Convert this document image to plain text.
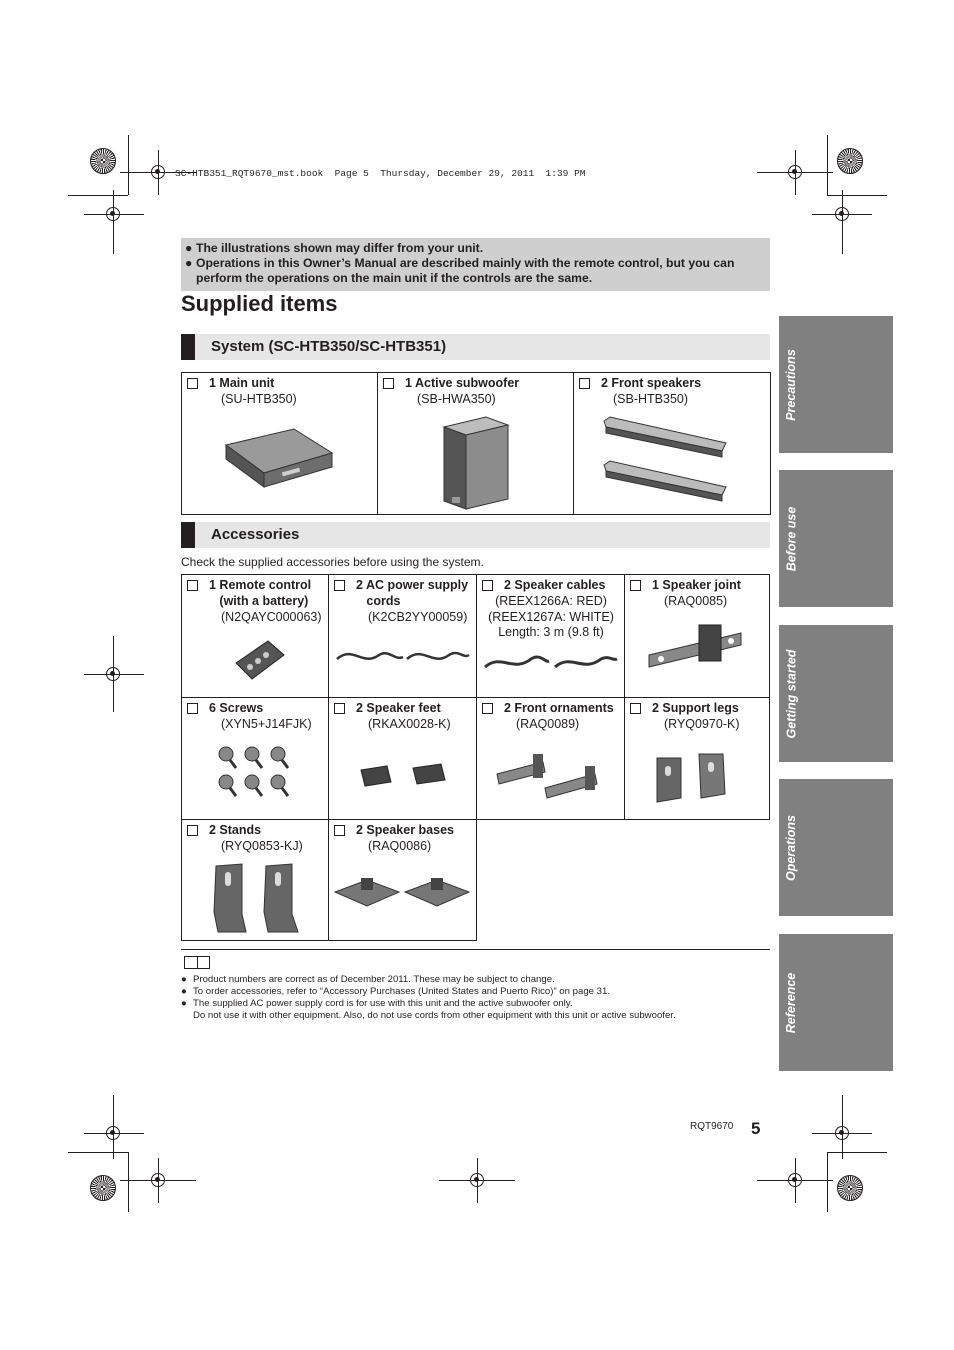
SC-HTB351_RQT9670_mst.book  Page 5  Thursday, December 29, 2011  1:39 PM
● The illustrations shown may differ from your unit.
● Operations in this Owner’s Manual are described mainly with the remote control, but you can perform the operations on the main unit if the controls are the same.
Supplied items
System (SC-HTB350/SC-HTB351)
1 Main unit
(SU-HTB350)
1 Active subwoofer
(SB-HWA350)
2 Front speakers
(SB-HTB350)
Accessories
Check the supplied accessories before using the system.
1 Remote control
(with a battery)
(N2QAYC000063)
2 AC power supply
cords
(K2CB2YY00059)
2 Speaker cables
(REEX1266A: RED)
(REEX1267A: WHITE)
Length: 3 m (9.8 ft)
1 Speaker joint
(RAQ0085)
6 Screws
(XYN5+J14FJK)
2 Speaker feet
(RKAX0028-K)
2 Front ornaments
(RAQ0089)
2 Support legs
(RYQ0970-K)
2 Stands
(RYQ0853-KJ)
2 Speaker bases
(RAQ0086)
● Product numbers are correct as of December 2011. These may be subject to change.
● To order accessories, refer to “Accessory Purchases (United States and Puerto Rico)” on page 31.
● The supplied AC power supply cord is for use with this unit and the active subwoofer only.
Do not use it with other equipment. Also, do not use cords from other equipment with this unit or active subwoofer.
Precautions
Before use
Getting started
Operations
Reference
RQT9670 5
